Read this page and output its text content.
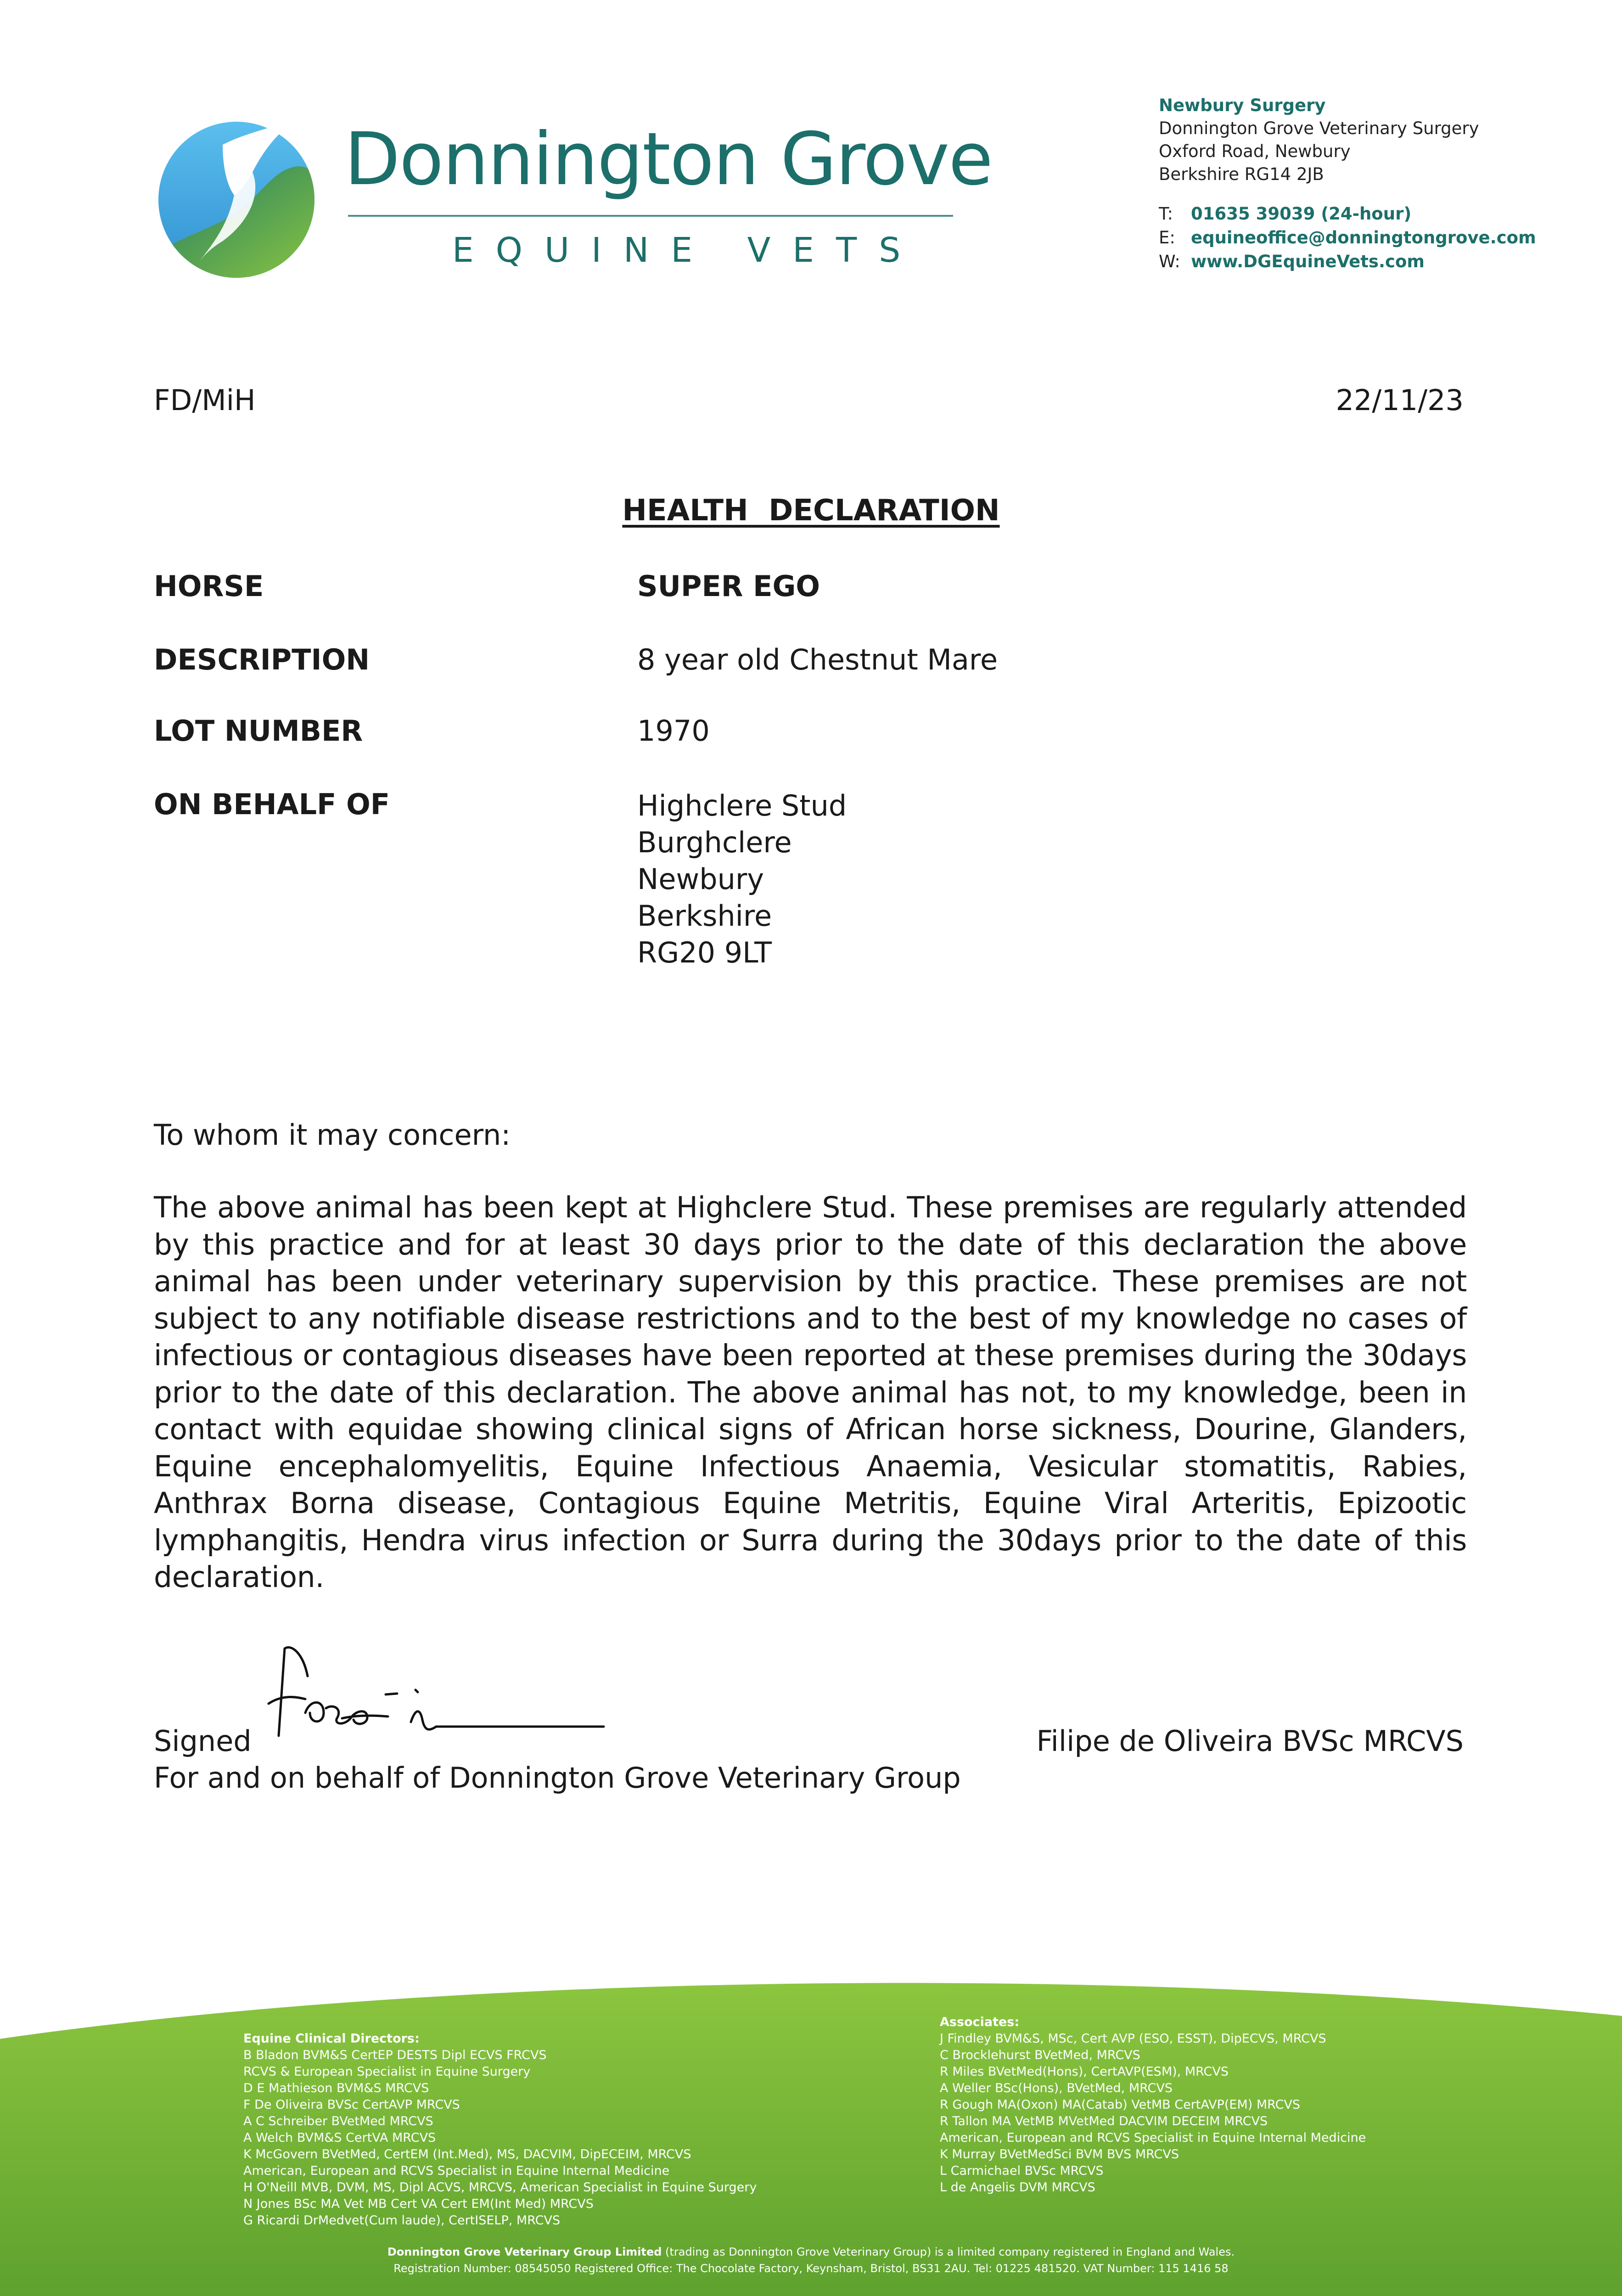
Donnington Grove
EQUINE VETS
Newbury Surgery
Donnington Grove Veterinary Surgery
Oxford Road, Newbury
Berkshire RG14 2JB
T: 01635 39039 (24-hour)
E: equineoffice@donningtongrove.com
W: www.DGEquineVets.com
FD/MiH	22/11/23
HEALTH  DECLARATION
HORSE	SUPER EGO
DESCRIPTION	8 year old Chestnut Mare
LOT NUMBER	1970
ON BEHALF OF	Highclere Stud
Burghclere
Newbury
Berkshire
RG20 9LT
To whom it may concern:
The above animal has been kept at Highclere Stud. These premises are regularly attended by this practice and for at least 30 days prior to the date of this declaration the above animal has been under veterinary supervision by this practice. These premises are not subject to any notifiable disease restrictions and to the best of my knowledge no cases of infectious or contagious diseases have been reported at these premises during the 30days prior to the date of this declaration. The above animal has not, to my knowledge, been in contact with equidae showing clinical signs of African horse sickness, Dourine, Glanders, Equine encephalomyelitis, Equine Infectious Anaemia, Vesicular stomatitis, Rabies, Anthrax Borna disease, Contagious Equine Metritis, Equine Viral Arteritis, Epizootic lymphangitis, Hendra virus infection or Surra during the 30days prior to the date of this declaration.
Signed	Filipe de Oliveira BVSc MRCVS
For and on behalf of Donnington Grove Veterinary Group
Equine Clinical Directors:
B Bladon BVM&S CertEP DESTS Dipl ECVS FRCVS
RCVS & European Specialist in Equine Surgery
D E Mathieson BVM&S MRCVS
F De Oliveira BVSc CertAVP MRCVS
A C Schreiber BVetMed MRCVS
A Welch BVM&S CertVA MRCVS
K McGovern BVetMed, CertEM (Int.Med), MS, DACVIM, DipECEIM, MRCVS
American, European and RCVS Specialist in Equine Internal Medicine
H O'Neill MVB, DVM, MS, Dipl ACVS, MRCVS, American Specialist in Equine Surgery
N Jones BSc MA Vet MB Cert VA Cert EM(Int Med) MRCVS
G Ricardi DrMedvet(Cum laude), CertISELP, MRCVS
Associates:
J Findley BVM&S, MSc, Cert AVP (ESO, ESST), DipECVS, MRCVS
C Brocklehurst BVetMed, MRCVS
R Miles BVetMed(Hons), CertAVP(ESM), MRCVS
A Weller BSc(Hons), BVetMed, MRCVS
R Gough MA(Oxon) MA(Catab) VetMB CertAVP(EM) MRCVS
R Tallon MA VetMB MVetMed DACVIM DECEIM MRCVS
American, European and RCVS Specialist in Equine Internal Medicine
K Murray BVetMedSci BVM BVS MRCVS
L Carmichael BVSc MRCVS
L de Angelis DVM MRCVS
Donnington Grove Veterinary Group Limited (trading as Donnington Grove Veterinary Group) is a limited company registered in England and Wales.
Registration Number: 08545050 Registered Office: The Chocolate Factory, Keynsham, Bristol, BS31 2AU. Tel: 01225 481520. VAT Number: 115 1416 58
